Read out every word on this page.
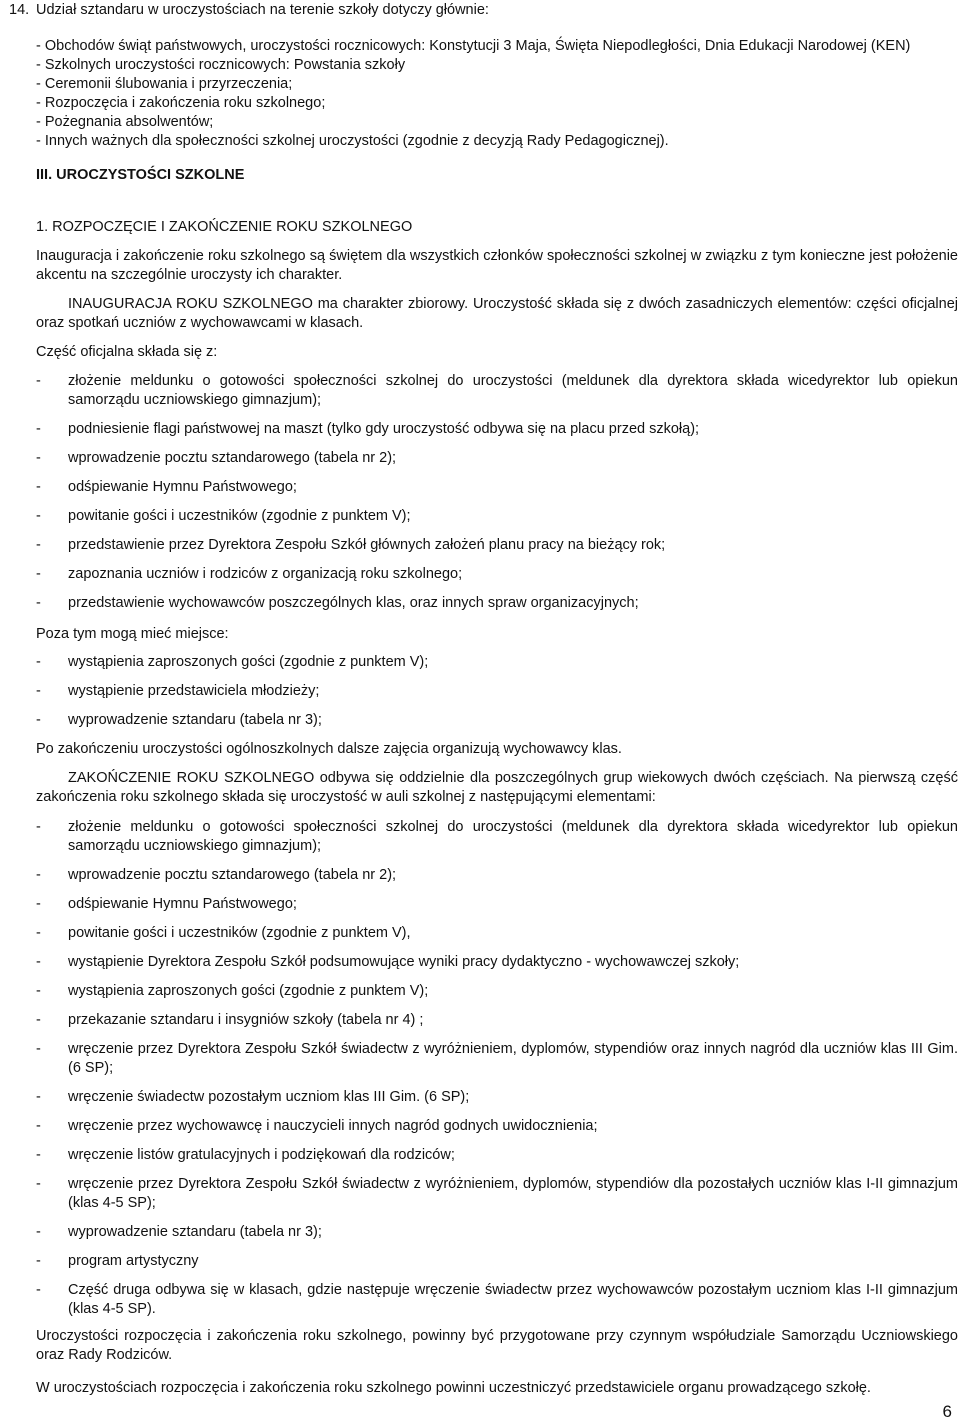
14. Udział sztandaru w uroczystościach na terenie szkoły dotyczy głównie:
- Obchodów świąt państwowych, uroczystości rocznicowych: Konstytucji 3 Maja, Święta Niepodległości, Dnia Edukacji Narodowej (KEN)
- Szkolnych uroczystości rocznicowych: Powstania szkoły
- Ceremonii ślubowania i przyrzeczenia;
- Rozpoczęcia i zakończenia roku szkolnego;
- Pożegnania absolwentów;
- Innych ważnych dla społeczności szkolnej uroczystości (zgodnie z decyzją Rady Pedagogicznej).
III. UROCZYSTOŚCI SZKOLNE
1. ROZPOCZĘCIE I ZAKOŃCZENIE ROKU SZKOLNEGO
Inauguracja i zakończenie roku szkolnego są świętem dla wszystkich członków społeczności szkolnej w związku z tym konieczne jest położenie akcentu na szczególnie uroczysty ich charakter.
INAUGURACJA ROKU SZKOLNEGO ma charakter zbiorowy. Uroczystość składa się z dwóch zasadniczych elementów: części oficjalnej oraz spotkań uczniów z wychowawcami w klasach.
Część oficjalna składa się z:
-	złożenie meldunku o gotowości społeczności szkolnej do uroczystości (meldunek dla dyrektora składa wicedyrektor lub opiekun samorządu uczniowskiego gimnazjum);
-	podniesienie flagi państwowej na maszt (tylko gdy uroczystość odbywa się na placu przed szkołą);
-	wprowadzenie pocztu sztandarowego (tabela nr 2);
-	odśpiewanie Hymnu Państwowego;
-	powitanie gości i uczestników (zgodnie z punktem V);
-	przedstawienie przez Dyrektora Zespołu Szkół głównych założeń planu pracy na bieżący rok;
-	zapoznania uczniów i rodziców z organizacją roku szkolnego;
-	przedstawienie wychowawców poszczególnych klas, oraz innych spraw organizacyjnych;
Poza tym mogą mieć miejsce:
-	wystąpienia zaproszonych gości (zgodnie z punktem V);
-	wystąpienie przedstawiciela młodzieży;
-	wyprowadzenie sztandaru (tabela nr 3);
Po zakończeniu uroczystości ogólnoszkolnych dalsze zajęcia organizują wychowawcy klas.
ZAKOŃCZENIE ROKU SZKOLNEGO odbywa się oddzielnie dla poszczególnych grup wiekowych dwóch częściach. Na pierwszą część zakończenia roku szkolnego składa się uroczystość w auli szkolnej z następującymi elementami:
-	złożenie meldunku o gotowości społeczności szkolnej do uroczystości (meldunek dla dyrektora składa wicedyrektor lub opiekun samorządu uczniowskiego gimnazjum);
-	wprowadzenie pocztu sztandarowego (tabela nr 2);
-	odśpiewanie Hymnu Państwowego;
-	powitanie gości i uczestników (zgodnie z punktem V),
-	wystąpienie Dyrektora Zespołu Szkół podsumowujące wyniki pracy dydaktyczno - wychowawczej szkoły;
-	wystąpienia zaproszonych gości (zgodnie z punktem V);
-	przekazanie sztandaru i insygniów szkoły (tabela nr 4) ;
-	wręczenie przez Dyrektora Zespołu Szkół świadectw z wyróżnieniem, dyplomów, stypendiów oraz innych nagród dla uczniów klas III Gim. (6 SP);
-	wręczenie świadectw pozostałym uczniom klas III Gim. (6 SP);
-	wręczenie przez wychowawcę i nauczycieli innych nagród godnych uwidocznienia;
-	wręczenie listów gratulacyjnych i podziękowań dla rodziców;
-	wręczenie przez Dyrektora Zespołu Szkół świadectw z wyróżnieniem, dyplomów, stypendiów dla pozostałych uczniów klas I-II gimnazjum (klas 4-5 SP);
-	wyprowadzenie sztandaru (tabela nr 3);
-	program artystyczny
-	Część druga odbywa się w klasach, gdzie następuje wręczenie świadectw przez wychowawców pozostałym uczniom klas I-II gimnazjum (klas 4-5 SP).
Uroczystości rozpoczęcia i zakończenia roku szkolnego, powinny być przygotowane przy czynnym współudziale Samorządu Uczniowskiego oraz Rady Rodziców.
W uroczystościach rozpoczęcia i zakończenia roku szkolnego powinni uczestniczyć przedstawiciele organu prowadzącego szkołę.
6
